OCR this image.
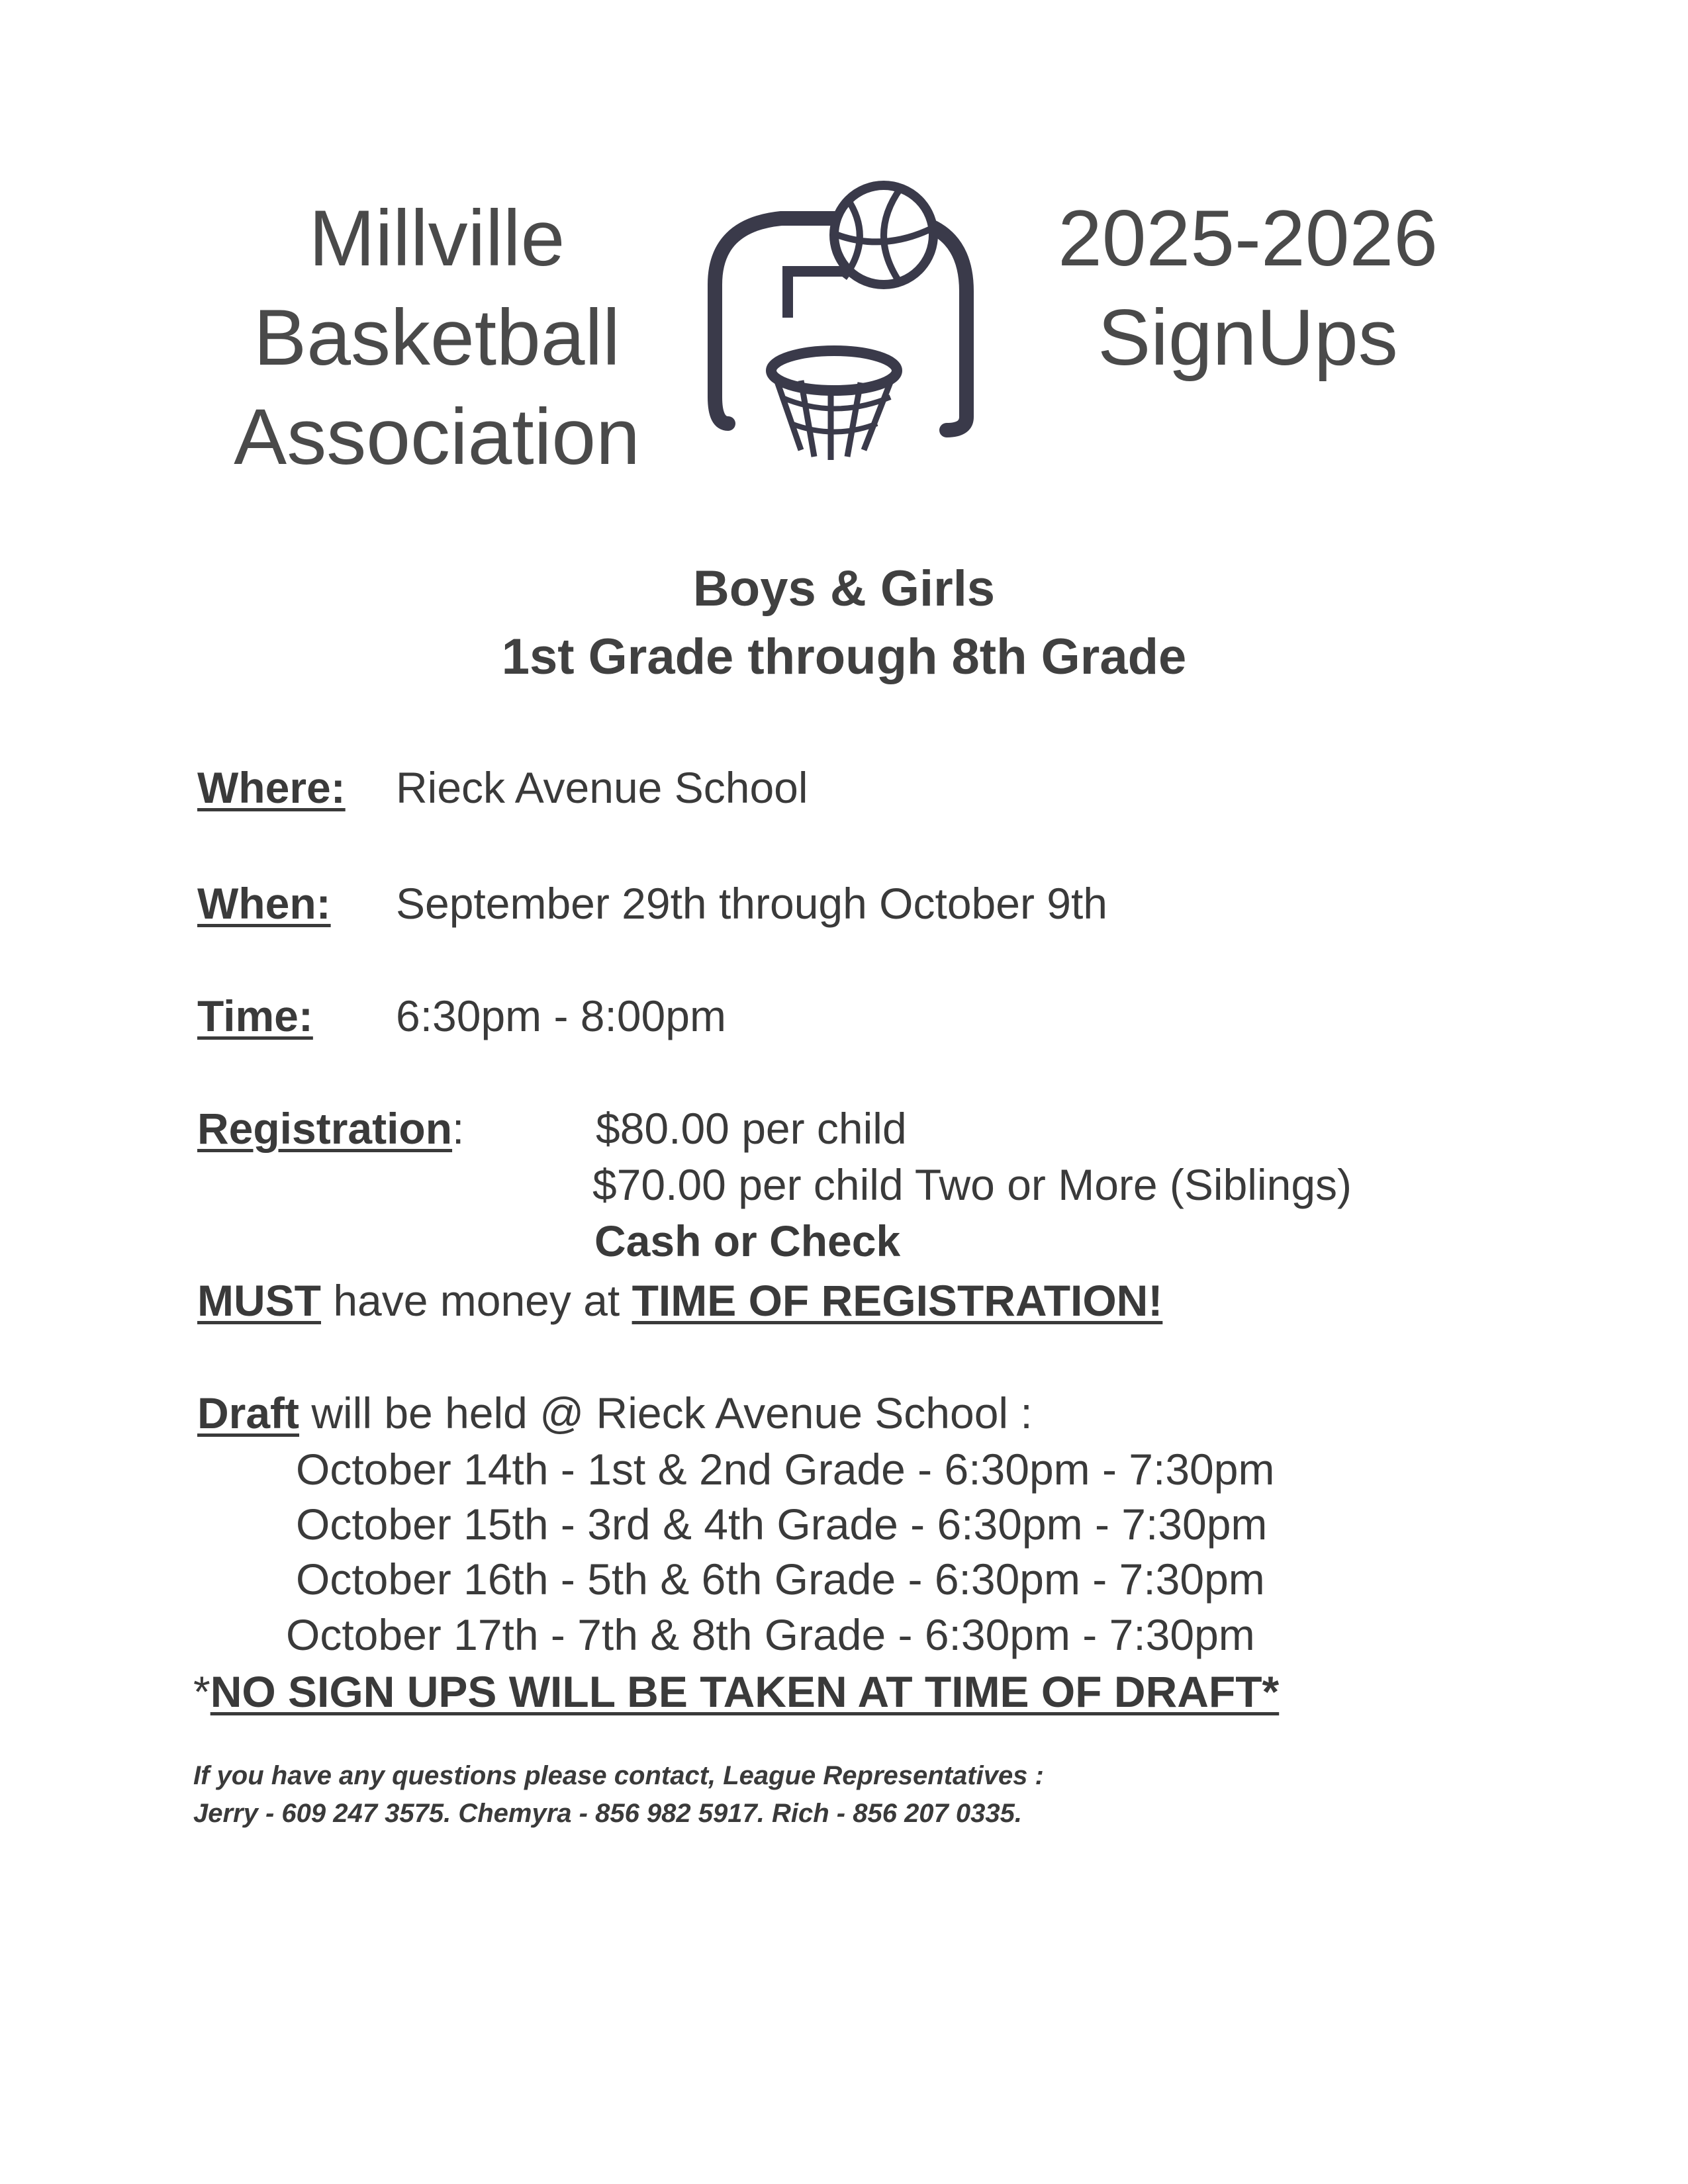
Millville
Basketball
Association
2025-2026
SignUps
Boys & Girls
1st Grade through 8th Grade
Where: Rieck Avenue School
When: September 29th through October 9th
Time: 6:30pm - 8:00pm
Registration:	$80.00 per child
$70.00 per child Two or More (Siblings)
Cash or Check
MUST have money at TIME OF REGISTRATION!
Draft will be held @ Rieck Avenue School :
October 14th - 1st & 2nd Grade - 6:30pm - 7:30pm
October 15th - 3rd & 4th Grade - 6:30pm - 7:30pm
October 16th - 5th & 6th Grade - 6:30pm - 7:30pm
October 17th - 7th & 8th Grade - 6:30pm - 7:30pm
*NO SIGN UPS WILL BE TAKEN AT TIME OF DRAFT*
If you have any questions please contact, League Representatives :
Jerry - 609 247 3575. Chemyra - 856 982 5917. Rich - 856 207 0335.
